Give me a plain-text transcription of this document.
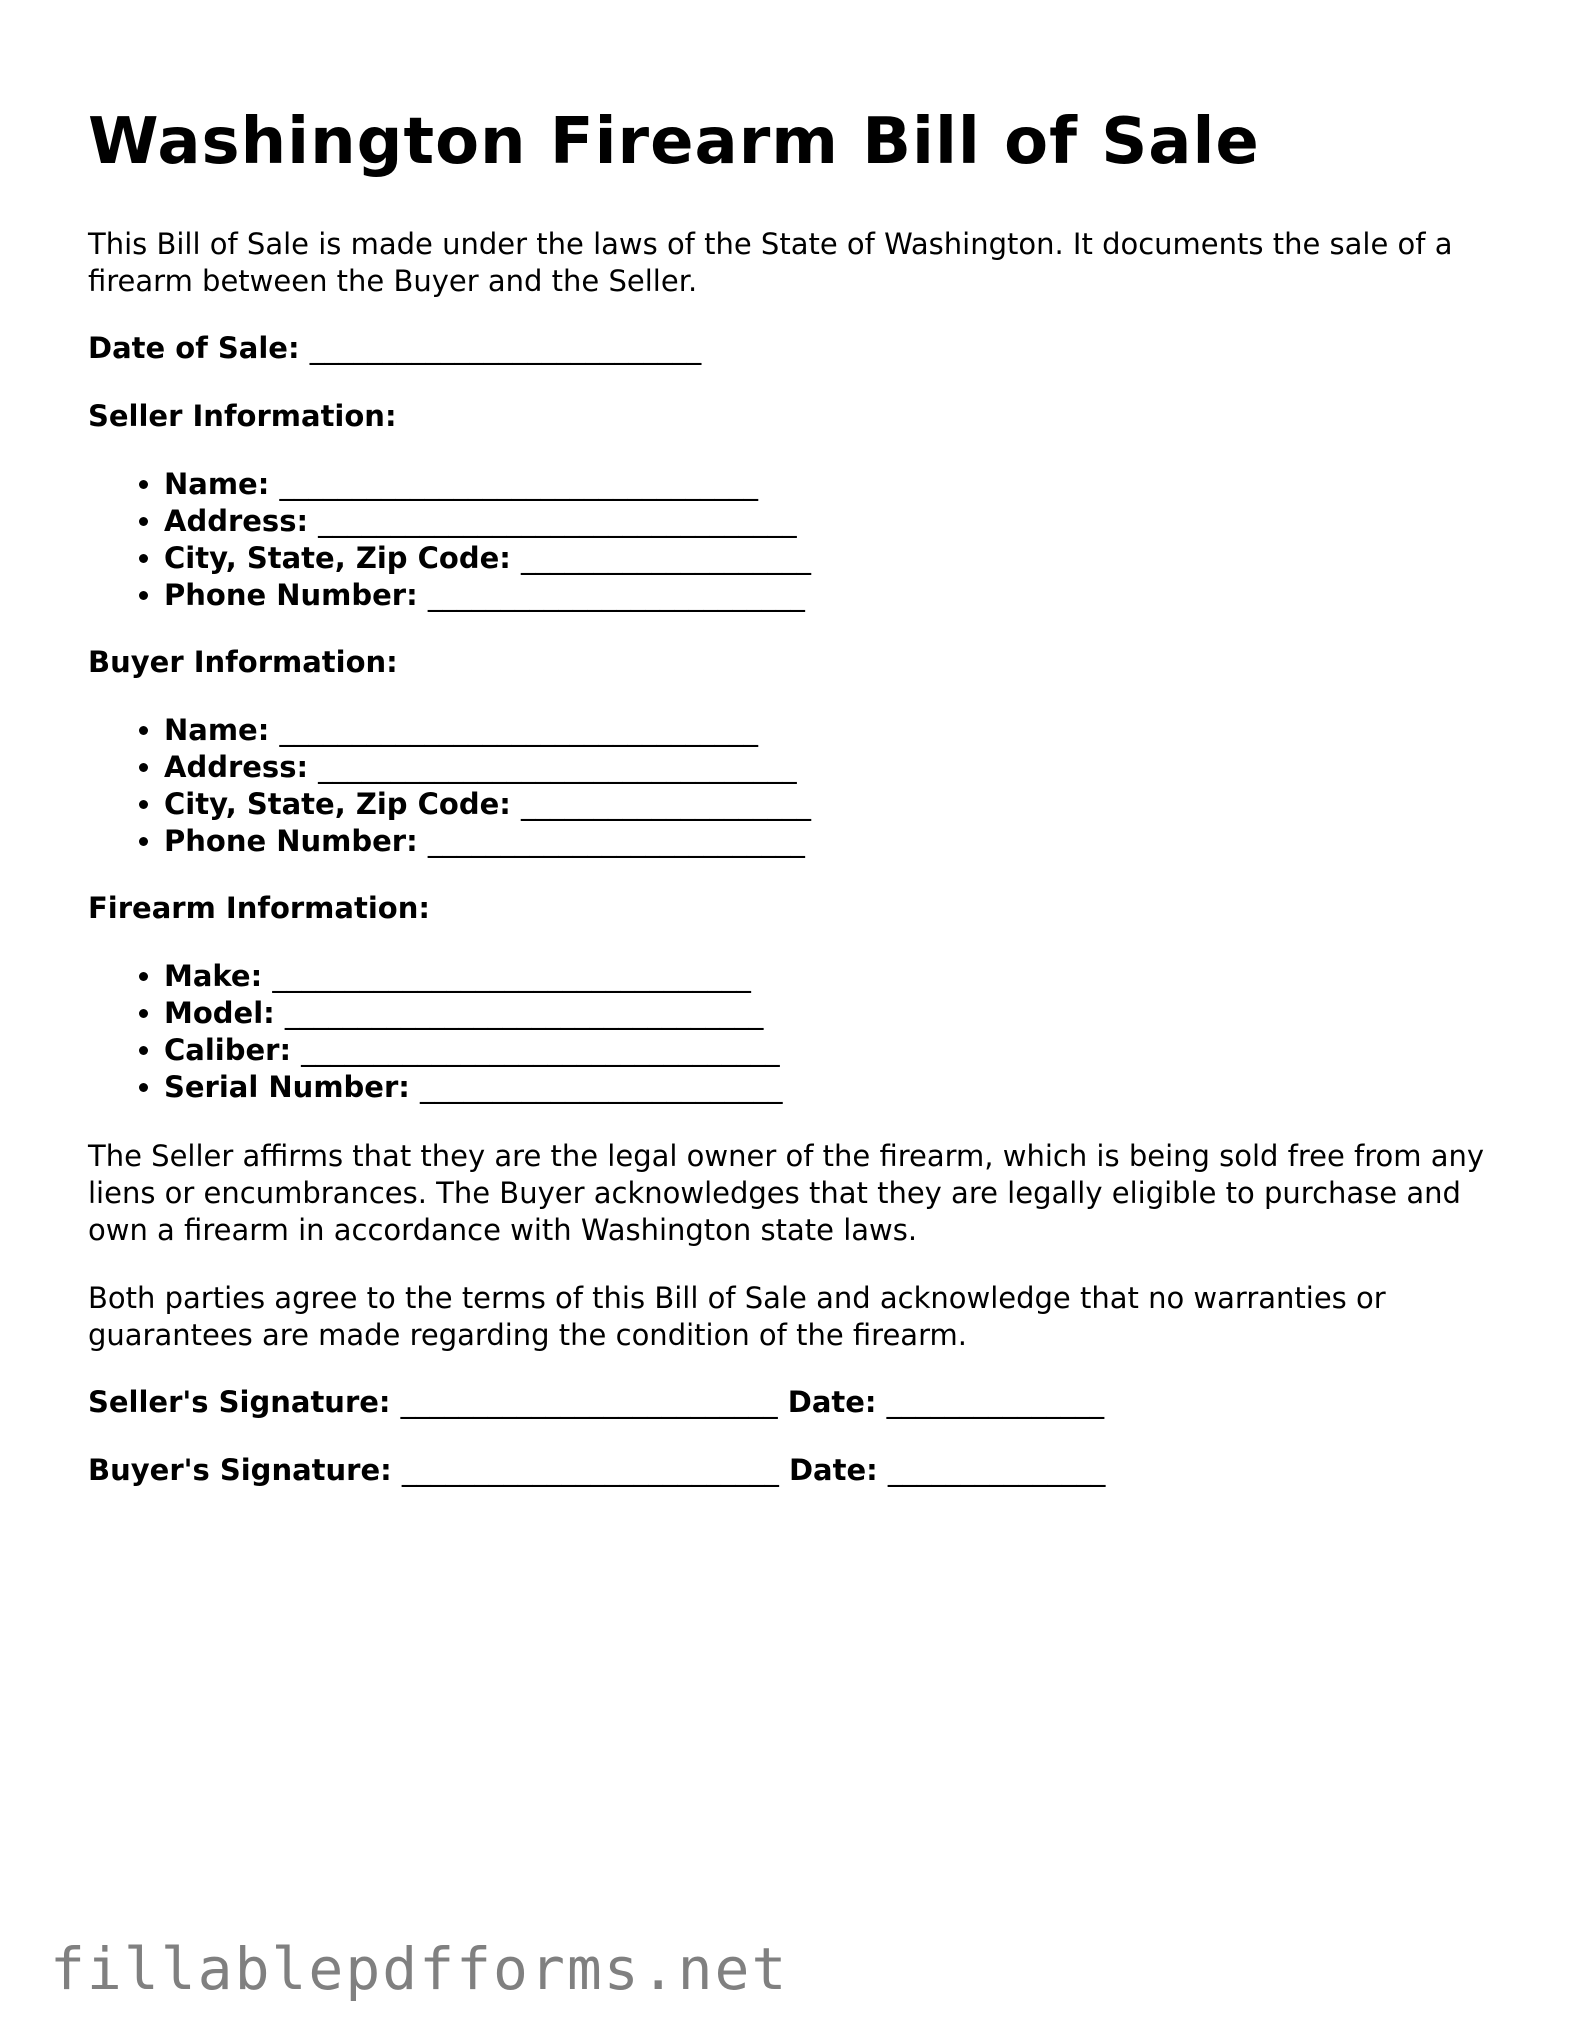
Washington Firearm Bill of Sale

This Bill of Sale is made under the laws of the State of Washington. It documents the sale of a firearm between the Buyer and the Seller.

Date of Sale: ___________________________

Seller Information:

• Name: _________________________________
• Address: _________________________________
• City, State, Zip Code: ____________________
• Phone Number: __________________________

Buyer Information:

• Name: _________________________________
• Address: _________________________________
• City, State, Zip Code: ____________________
• Phone Number: __________________________

Firearm Information:

• Make: _________________________________
• Model: _________________________________
• Caliber: _________________________________
• Serial Number: _________________________

The Seller affirms that they are the legal owner of the firearm, which is being sold free from any liens or encumbrances. The Buyer acknowledges that they are legally eligible to purchase and own a firearm in accordance with Washington state laws.

Both parties agree to the terms of this Bill of Sale and acknowledge that no warranties or guarantees are made regarding the condition of the firearm.

Seller's Signature: __________________________ Date: _______________

Buyer's Signature: __________________________ Date: _______________

fillablepdfforms.net
